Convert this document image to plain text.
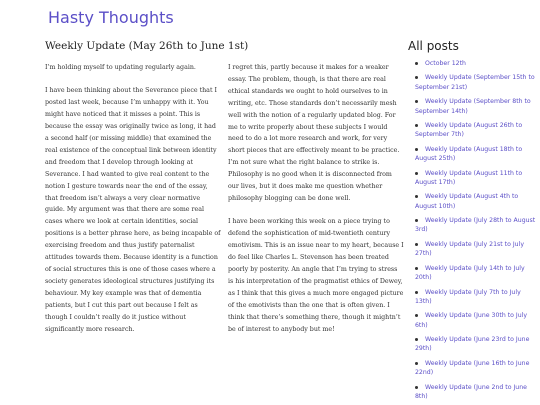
Hasty Thoughts
Weekly Update (May 26th to June 1st)

I’m holding myself to updating regularly again.

I have been thinking about the Severance piece that I posted last week, because I’m unhappy with it. You might have noticed that it misses a point. This is because the essay was originally twice as long, it had a second half (or missing middle) that examined the real existence of the conceptual link between identity and freedom that I develop through looking at Severance. I had wanted to give real content to the notion I gesture towards near the end of the essay, that freedom isn’t always a very clear normative guide. My argument was that there are some real cases where we look at certain identities, social positions is a better phrase here, as being incapable of exercising freedom and thus justify paternalist attitudes towards them. Because identity is a function of social structures this is one of those cases where a society generates ideological structures justifying its behaviour. My key example was that of dementia patients, but I cut this part out because I felt as though I couldn’t really do it justice without significantly more research.

I regret this, partly because it makes for a weaker essay. The problem, though, is that there are real ethical standards we ought to hold ourselves to in writing, etc. Those standards don’t necessarily mesh well with the notion of a regularly updated blog. For me to write properly about these subjects I would need to do a lot more research and work, for very short pieces that are effectively meant to be practice. I’m not sure what the right balance to strike is. Philosophy is no good when it is disconnected from our lives, but it does make me question whether philosophy blogging can be done well.

I have been working this week on a piece trying to defend the sophistication of mid-twentieth century emotivism. This is an issue near to my heart, because I do feel like Charles L. Stevenson has been treated poorly by posterity. An angle that I’m trying to stress is his interpretation of the pragmatist ethics of Dewey, as I think that this gives a much more engaged picture of the emotivists than the one that is often given. I think that there’s something there, though it mightn’t be of interest to anybody but me!

All posts
October 12th
Weekly Update (September 15th to September 21st)
Weekly Update (September 8th to September 14th)
Weekly Update (August 26th to September 7th)
Weekly Update (August 18th to August 25th)
Weekly Update (August 11th to August 17th)
Weekly Update (August 4th to August 10th)
Weekly Update (July 28th to August 3rd)
Weekly Update (July 21st to July 27th)
Weekly Update (July 14th to July 20th)
Weekly Update (July 7th to July 13th)
Weekly Update (June 30th to July 6th)
Weekly Update (June 23rd to June 29th)
Weekly Update (June 16th to June 22nd)
Weekly Update (June 2nd to June 8th)
